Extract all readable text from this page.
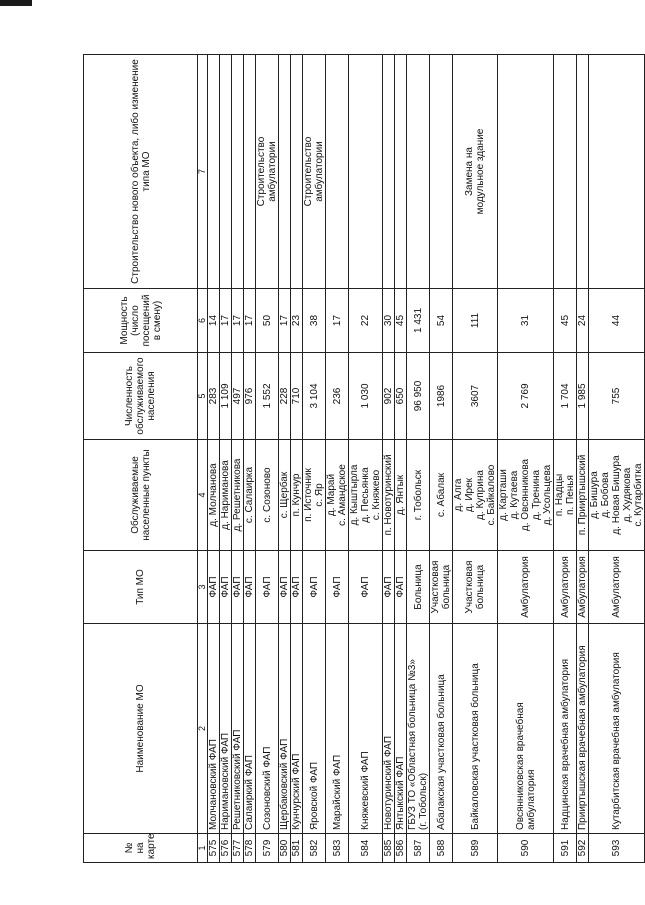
№ на карте	Наименование МО	Тип МО	Обслуживаемые населенные пункты	Численность обслуживаемого населения	Мощность (число посещений в смену)	Строительство нового объекта, либо изменение типа МО
1	2	3	4	5	6	7
575	Молчановский ФАП	ФАП	д. Молчанова	283	14	
576	Наримановский ФАП	ФАП	д. Нариманова	1 109	17	
577	Решетниковский ФАП	ФАП	д. Решетникова	497	17	
578	Салаиркий ФАП	ФАП	с. Салаирка	976	17	
579	Созоновский ФАП	ФАП	с. Созоново	1 552	50	Строительство амбулатории

580	Щербаковский ФАП	ФАП	с. Щербак	228	17	
581	Кунчурский ФАП	ФАП	п. Кунчур	710	23	
582	Яровской ФАП	ФАП	п. Источник с. Яр	3 104	38	Строительство амбулатории

583	Марайский ФАП	ФАП	д. Марай с. Амандское	236	17	
584	Княжевский ФАП	ФАП	д. Кыштырла д. Песьянка с. Княжево	1 030	22	
585	Новотуринский ФАП	ФАП	п. Новотуринский	902	30	
586	Янтыкский ФАП	ФАП	д. Янтык	650	45	
587	ГБУЗ ТО «Областная больница №3» (г. Тобольск)	Больница	г. Тобольск	96 950	1 431	
588	Абалакская участковая больница	Участковая больница	с. Абалак	1986	54	
589	Байкаловская участковая больница	Участковая больница	д. Алга д. Ирек д. Куприна с. Байкалово	3607	111	Замена на модульное здание

590	Овсянниковская врачебная амбулатория	Амбулатория	д. Карташи д. Кутаева д. Овсянникова д. Тренина д. Усольцева	2 769	31	
591	Надцинская врачебная амбулатория	Амбулатория	п. Надцы п. Пенья	1 704	45	
592	Прииртышская врачебная амбулатория	Амбулатория	п. Прииртышский	1 985	24	
593	Кутарбитская врачебная амбулатория	Амбулатория	д. Бишура д. Бобова д. Новая Бишура д. Худякова с. Кутарбитка	755	44	
